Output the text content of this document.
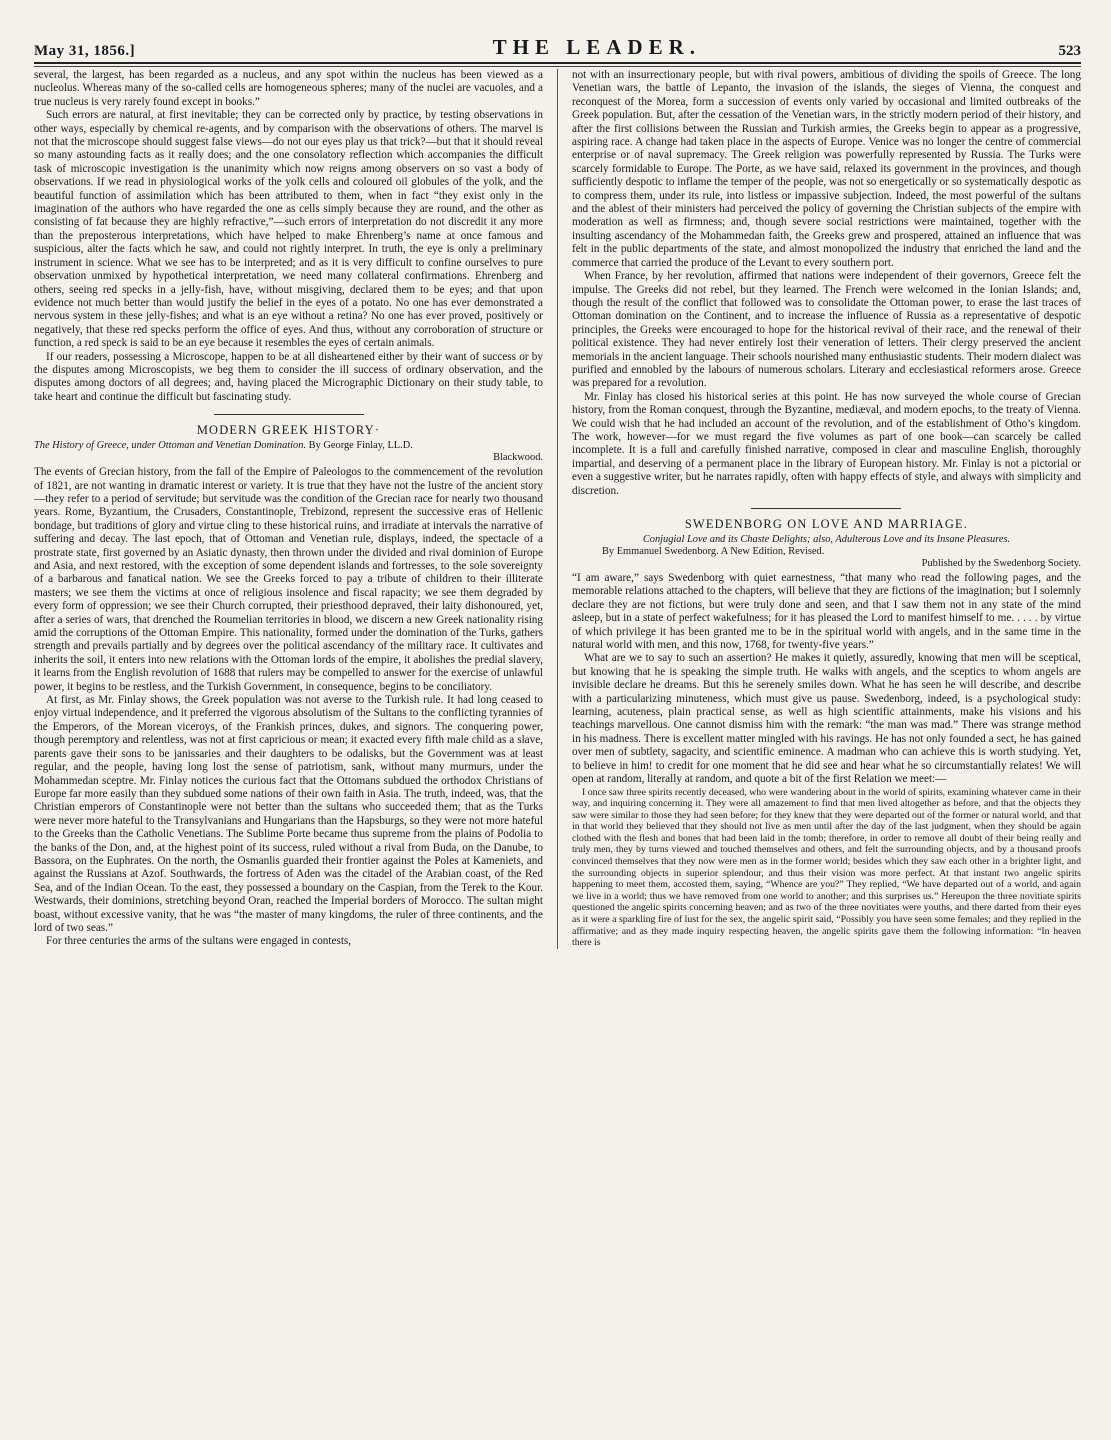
May 31, 1856.]	THE LEADER.	523

several, the largest, has been regarded as a nucleus, and any spot within the nucleus has been viewed as a nucleolus. Whereas many of the so-called cells are homogeneous spheres; many of the nuclei are vacuoles, and a true nucleus is very rarely found except in books.”

Such errors are natural, at first inevitable; they can be corrected only by practice, by testing observations in other ways, especially by chemical re-agents, and by comparison with the observations of others. The marvel is not that the microscope should suggest false views—do not our eyes play us that trick?—but that it should reveal so many astounding facts as it really does; and the one consolatory reflection which accompanies the difficult task of microscopic investigation is the unanimity which now reigns among observers on so vast a body of observations. If we read in physiological works of the yolk cells and coloured oil globules of the yolk, and the beautiful function of assimilation which has been attributed to them, when in fact “they exist only in the imagination of the authors who have regarded the one as cells simply because they are round, and the other as consisting of fat because they are highly refractive,”—such errors of interpretation do not discredit it any more than the preposterous interpretations, which have helped to make Ehrenberg’s name at once famous and suspicious, alter the facts which he saw, and could not rightly interpret. In truth, the eye is only a preliminary instrument in science. What we see has to be interpreted; and as it is very difficult to confine ourselves to pure observation unmixed by hypothetical interpretation, we need many collateral confirmations. Ehrenberg and others, seeing red specks in a jelly-fish, have, without misgiving, declared them to be eyes; and that upon evidence not much better than would justify the belief in the eyes of a potato. No one has ever demonstrated a nervous system in these jelly-fishes; and what is an eye without a retina? No one has ever proved, positively or negatively, that these red specks perform the office of eyes. And thus, without any corroboration of structure or function, a red speck is said to be an eye because it resembles the eyes of certain animals.

If our readers, possessing a Microscope, happen to be at all disheartened either by their want of success or by the disputes among Microscopists, we beg them to consider the ill success of ordinary observation, and the disputes among doctors of all degrees; and, having placed the Micrographic Dictionary on their study table, to take heart and continue the difficult but fascinating study.

MODERN GREEK HISTORY·
The History of Greece, under Ottoman and Venetian Domination. By George Finlay, LL.D.
Blackwood.

The events of Grecian history, from the fall of the Empire of Paleologos to the commencement of the revolution of 1821, are not wanting in dramatic interest or variety. It is true that they have not the lustre of the ancient story—they refer to a period of servitude; but servitude was the condition of the Grecian race for nearly two thousand years. Rome, Byzantium, the Crusaders, Constantinople, Trebizond, represent the successive eras of Hellenic bondage, but traditions of glory and virtue cling to these historical ruins, and irradiate at intervals the narrative of suffering and decay. The last epoch, that of Ottoman and Venetian rule, displays, indeed, the spectacle of a prostrate state, first governed by an Asiatic dynasty, then thrown under the divided and rival dominion of Europe and Asia, and next restored, with the exception of some dependent islands and fortresses, to the sole sovereignty of a barbarous and fanatical nation. We see the Greeks forced to pay a tribute of children to their illiterate masters; we see them the victims at once of religious insolence and fiscal rapacity; we see them degraded by every form of oppression; we see their Church corrupted, their priesthood depraved, their laity dishonoured, yet, after a series of wars, that drenched the Roumelian territories in blood, we discern a new Greek nationality rising amid the corruptions of the Ottoman Empire. This nationality, formed under the domination of the Turks, gathers strength and prevails partially and by degrees over the political ascendancy of the military race. It cultivates and inherits the soil, it enters into new relations with the Ottoman lords of the empire, it abolishes the predial slavery, it learns from the English revolution of 1688 that rulers may be compelled to answer for the exercise of unlawful power, it begins to be restless, and the Turkish Government, in consequence, begins to be conciliatory.

At first, as Mr. Finlay shows, the Greek population was not averse to the Turkish rule. It had long ceased to enjoy virtual independence, and it preferred the vigorous absolutism of the Sultans to the conflicting tyrannies of the Emperors, of the Morean viceroys, of the Frankish princes, dukes, and signors. The conquering power, though peremptory and relentless, was not at first capricious or mean; it exacted every fifth male child as a slave, parents gave their sons to be janissaries and their daughters to be odalisks, but the Government was at least regular, and the people, having long lost the sense of patriotism, sank, without many murmurs, under the Mohammedan sceptre. Mr. Finlay notices the curious fact that the Ottomans subdued the orthodox Christians of Europe far more easily than they subdued some nations of their own faith in Asia. The truth, indeed, was, that the Christian emperors of Constantinople were not better than the sultans who succeeded them; that as the Turks were never more hateful to the Transylvanians and Hungarians than the Hapsburgs, so they were not more hateful to the Greeks than the Catholic Venetians. The Sublime Porte became thus supreme from the plains of Podolia to the banks of the Don, and, at the highest point of its success, ruled without a rival from Buda, on the Danube, to Bassora, on the Euphrates. On the north, the Osmanlis guarded their frontier against the Poles at Kameniets, and against the Russians at Azof. Southwards, the fortress of Aden was the citadel of the Arabian coast, of the Red Sea, and of the Indian Ocean. To the east, they possessed a boundary on the Caspian, from the Terek to the Kour. Westwards, their dominions, stretching beyond Oran, reached the Imperial borders of Morocco. The sultan might boast, without excessive vanity, that he was “the master of many kingdoms, the ruler of three continents, and the lord of two seas.”

For three centuries the arms of the sultans were engaged in contests,

not with an insurrectionary people, but with rival powers, ambitious of dividing the spoils of Greece. The long Venetian wars, the battle of Lepanto, the invasion of the islands, the sieges of Vienna, the conquest and reconquest of the Morea, form a succession of events only varied by occasional and limited outbreaks of the Greek population. But, after the cessation of the Venetian wars, in the strictly modern period of their history, and after the first collisions between the Russian and Turkish armies, the Greeks begin to appear as a progressive, aspiring race. A change had taken place in the aspects of Europe. Venice was no longer the centre of commercial enterprise or of naval supremacy. The Greek religion was powerfully represented by Russia. The Turks were scarcely formidable to Europe. The Porte, as we have said, relaxed its government in the provinces, and though sufficiently despotic to inflame the temper of the people, was not so energetically or so systematically despotic as to compress them, under its rule, into listless or impassive subjection. Indeed, the most powerful of the sultans and the ablest of their ministers had perceived the policy of governing the Christian subjects of the empire with moderation as well as firmness; and, though severe social restrictions were maintained, together with the insulting ascendancy of the Mohammedan faith, the Greeks grew and prospered, attained an influence that was felt in the public departments of the state, and almost monopolized the industry that enriched the land and the commerce that carried the produce of the Levant to every southern port.

When France, by her revolution, affirmed that nations were independent of their governors, Greece felt the impulse. The Greeks did not rebel, but they learned. The French were welcomed in the Ionian Islands; and, though the result of the conflict that followed was to consolidate the Ottoman power, to erase the last traces of Ottoman domination on the Continent, and to increase the influence of Russia as a representative of despotic principles, the Greeks were encouraged to hope for the historical revival of their race, and the renewal of their political existence. They had never entirely lost their veneration of letters. Their clergy preserved the ancient memorials in the ancient language. Their schools nourished many enthusiastic students. Their modern dialect was purified and ennobled by the labours of numerous scholars. Literary and ecclesiastical reformers arose. Greece was prepared for a revolution.

Mr. Finlay has closed his historical series at this point. He has now surveyed the whole course of Grecian history, from the Roman conquest, through the Byzantine, mediæval, and modern epochs, to the treaty of Vienna. We could wish that he had included an account of the revolution, and of the establishment of Otho’s kingdom. The work, however—for we must regard the five volumes as part of one book—can scarcely be called incomplete. It is a full and carefully finished narrative, composed in clear and masculine English, thoroughly impartial, and deserving of a permanent place in the library of European history. Mr. Finlay is not a pictorial or even a suggestive writer, but he narrates rapidly, often with happy effects of style, and always with simplicity and discretion.

SWEDENBORG ON LOVE AND MARRIAGE.
Conjugial Love and its Chaste Delights; also, Adulterous Love and its Insane Pleasures.
By Emmanuel Swedenborg. A New Edition, Revised.
Published by the Swedenborg Society.

“I am aware,” says Swedenborg with quiet earnestness, “that many who read the following pages, and the memorable relations attached to the chapters, will believe that they are fictions of the imagination; but I solemnly declare they are not fictions, but were truly done and seen, and that I saw them not in any state of the mind asleep, but in a state of perfect wakefulness; for it has pleased the Lord to manifest himself to me. . . . . by virtue of which privilege it has been granted me to be in the spiritual world with angels, and in the same time in the natural world with men, and this now, 1768, for twenty-five years.”

What are we to say to such an assertion? He makes it quietly, assuredly, knowing that men will be sceptical, but knowing that he is speaking the simple truth. He walks with angels, and the sceptics to whom angels are invisible declare he dreams. But this he serenely smiles down. What he has seen he will describe, and describe with a particularizing minuteness, which must give us pause. Swedenborg, indeed, is a psychological study: learning, acuteness, plain practical sense, as well as high scientific attainments, make his visions and his teachings marvellous. One cannot dismiss him with the remark: “the man was mad.” There was strange method in his madness. There is excellent matter mingled with his ravings. He has not only founded a sect, he has gained over men of subtlety, sagacity, and scientific eminence. A madman who can achieve this is worth studying. Yet, to believe in him! to credit for one moment that he did see and hear what he so circumstantially relates! We will open at random, literally at random, and quote a bit of the first Relation we meet:—

I once saw three spirits recently deceased, who were wandering about in the world of spirits, examining whatever came in their way, and inquiring concerning it. They were all amazement to find that men lived altogether as before, and that the objects they saw were similar to those they had seen before; for they knew that they were departed out of the former or natural world, and that in that world they believed that they should not live as men until after the day of the last judgment, when they should be again clothed with the flesh and bones that had been laid in the tomb; therefore, in order to remove all doubt of their being really and truly men, they by turns viewed and touched themselves and others, and felt the surrounding objects, and by a thousand proofs convinced themselves that they now were men as in the former world; besides which they saw each other in a brighter light, and the surrounding objects in superior splendour, and thus their vision was more perfect. At that instant two angelic spirits happening to meet them, accosted them, saying, “Whence are you?” They replied, “We have departed out of a world, and again we live in a world; thus we have removed from one world to another; and this surprises us.” Hereupon the three novitiate spirits questioned the angelic spirits concerning heaven; and as two of the three novitiates were youths, and there darted from their eyes as it were a sparkling fire of lust for the sex, the angelic spirit said, “Possibly you have seen some females; and they replied in the affirmative; and as they made inquiry respecting heaven, the angelic spirits gave them the following information: “In heaven there is
